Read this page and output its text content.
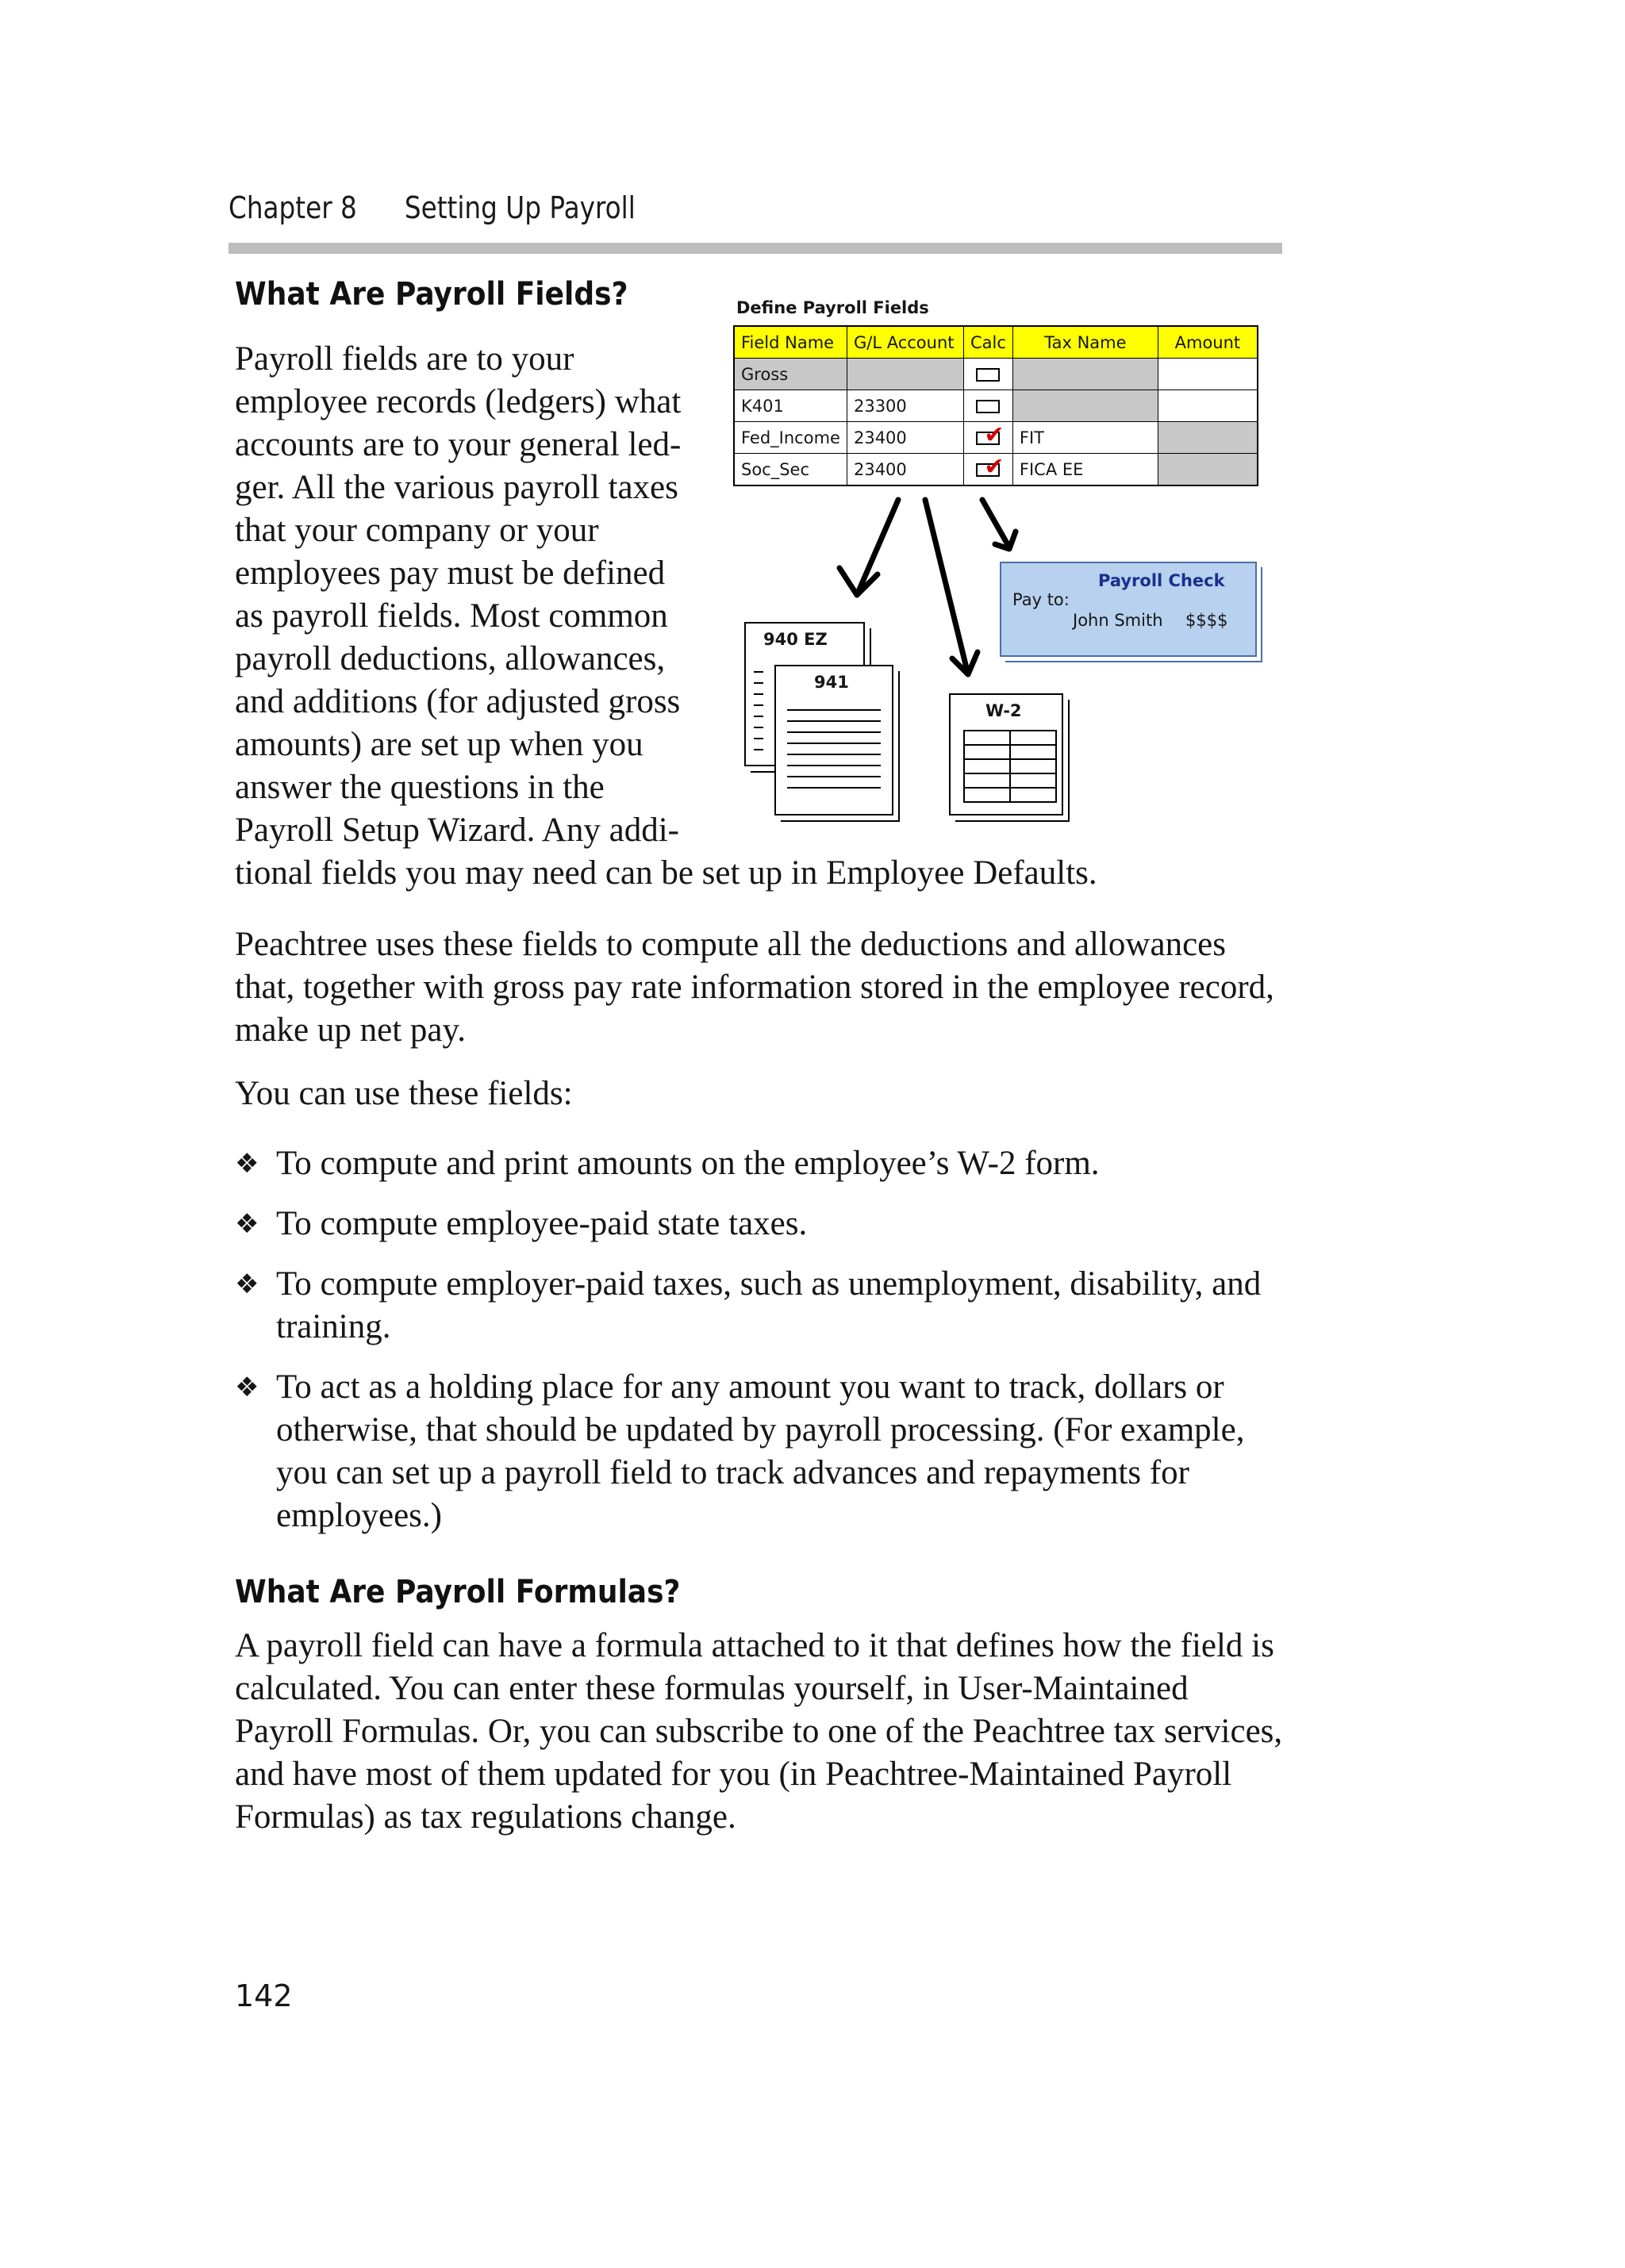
Chapter 8 Setting Up Payroll
What Are Payroll Fields?
Payroll fields are to your
employee records (ledgers) what
accounts are to your general led-
ger. All the various payroll taxes
that your company or your
employees pay must be defined
as payroll fields. Most common
payroll deductions, allowances,
and additions (for adjusted gross
amounts) are set up when you
answer the questions in the
Payroll Setup Wizard. Any addi-
tional fields you may need can be set up in Employee Defaults.
Define Payroll Fields
Field Name	G/L Account	Calc	Tax Name	Amount
Gross				
K401	23300			
Fed_Income	23400	✔	FIT	
Soc_Sec	23400	✔	FICA EE	
Payroll Check
Pay to:
John Smith $$$$
940 EZ
941
W-2

Peachtree uses these fields to compute all the deductions and allowances
that, together with gross pay rate information stored in the employee record,
make up net pay.
You can use these fields:
❖ To compute and print amounts on the employee’s W-2 form.
❖ To compute employee-paid state taxes.
❖ To compute employer-paid taxes, such as unemployment, disability, and training.
❖ To act as a holding place for any amount you want to track, dollars or otherwise, that should be updated by payroll processing. (For example, you can set up a payroll field to track advances and repayments for employees.)
What Are Payroll Formulas?
A payroll field can have a formula attached to it that defines how the field is
calculated. You can enter these formulas yourself, in User-Maintained
Payroll Formulas. Or, you can subscribe to one of the Peachtree tax services,
and have most of them updated for you (in Peachtree-Maintained Payroll
Formulas) as tax regulations change.
142
